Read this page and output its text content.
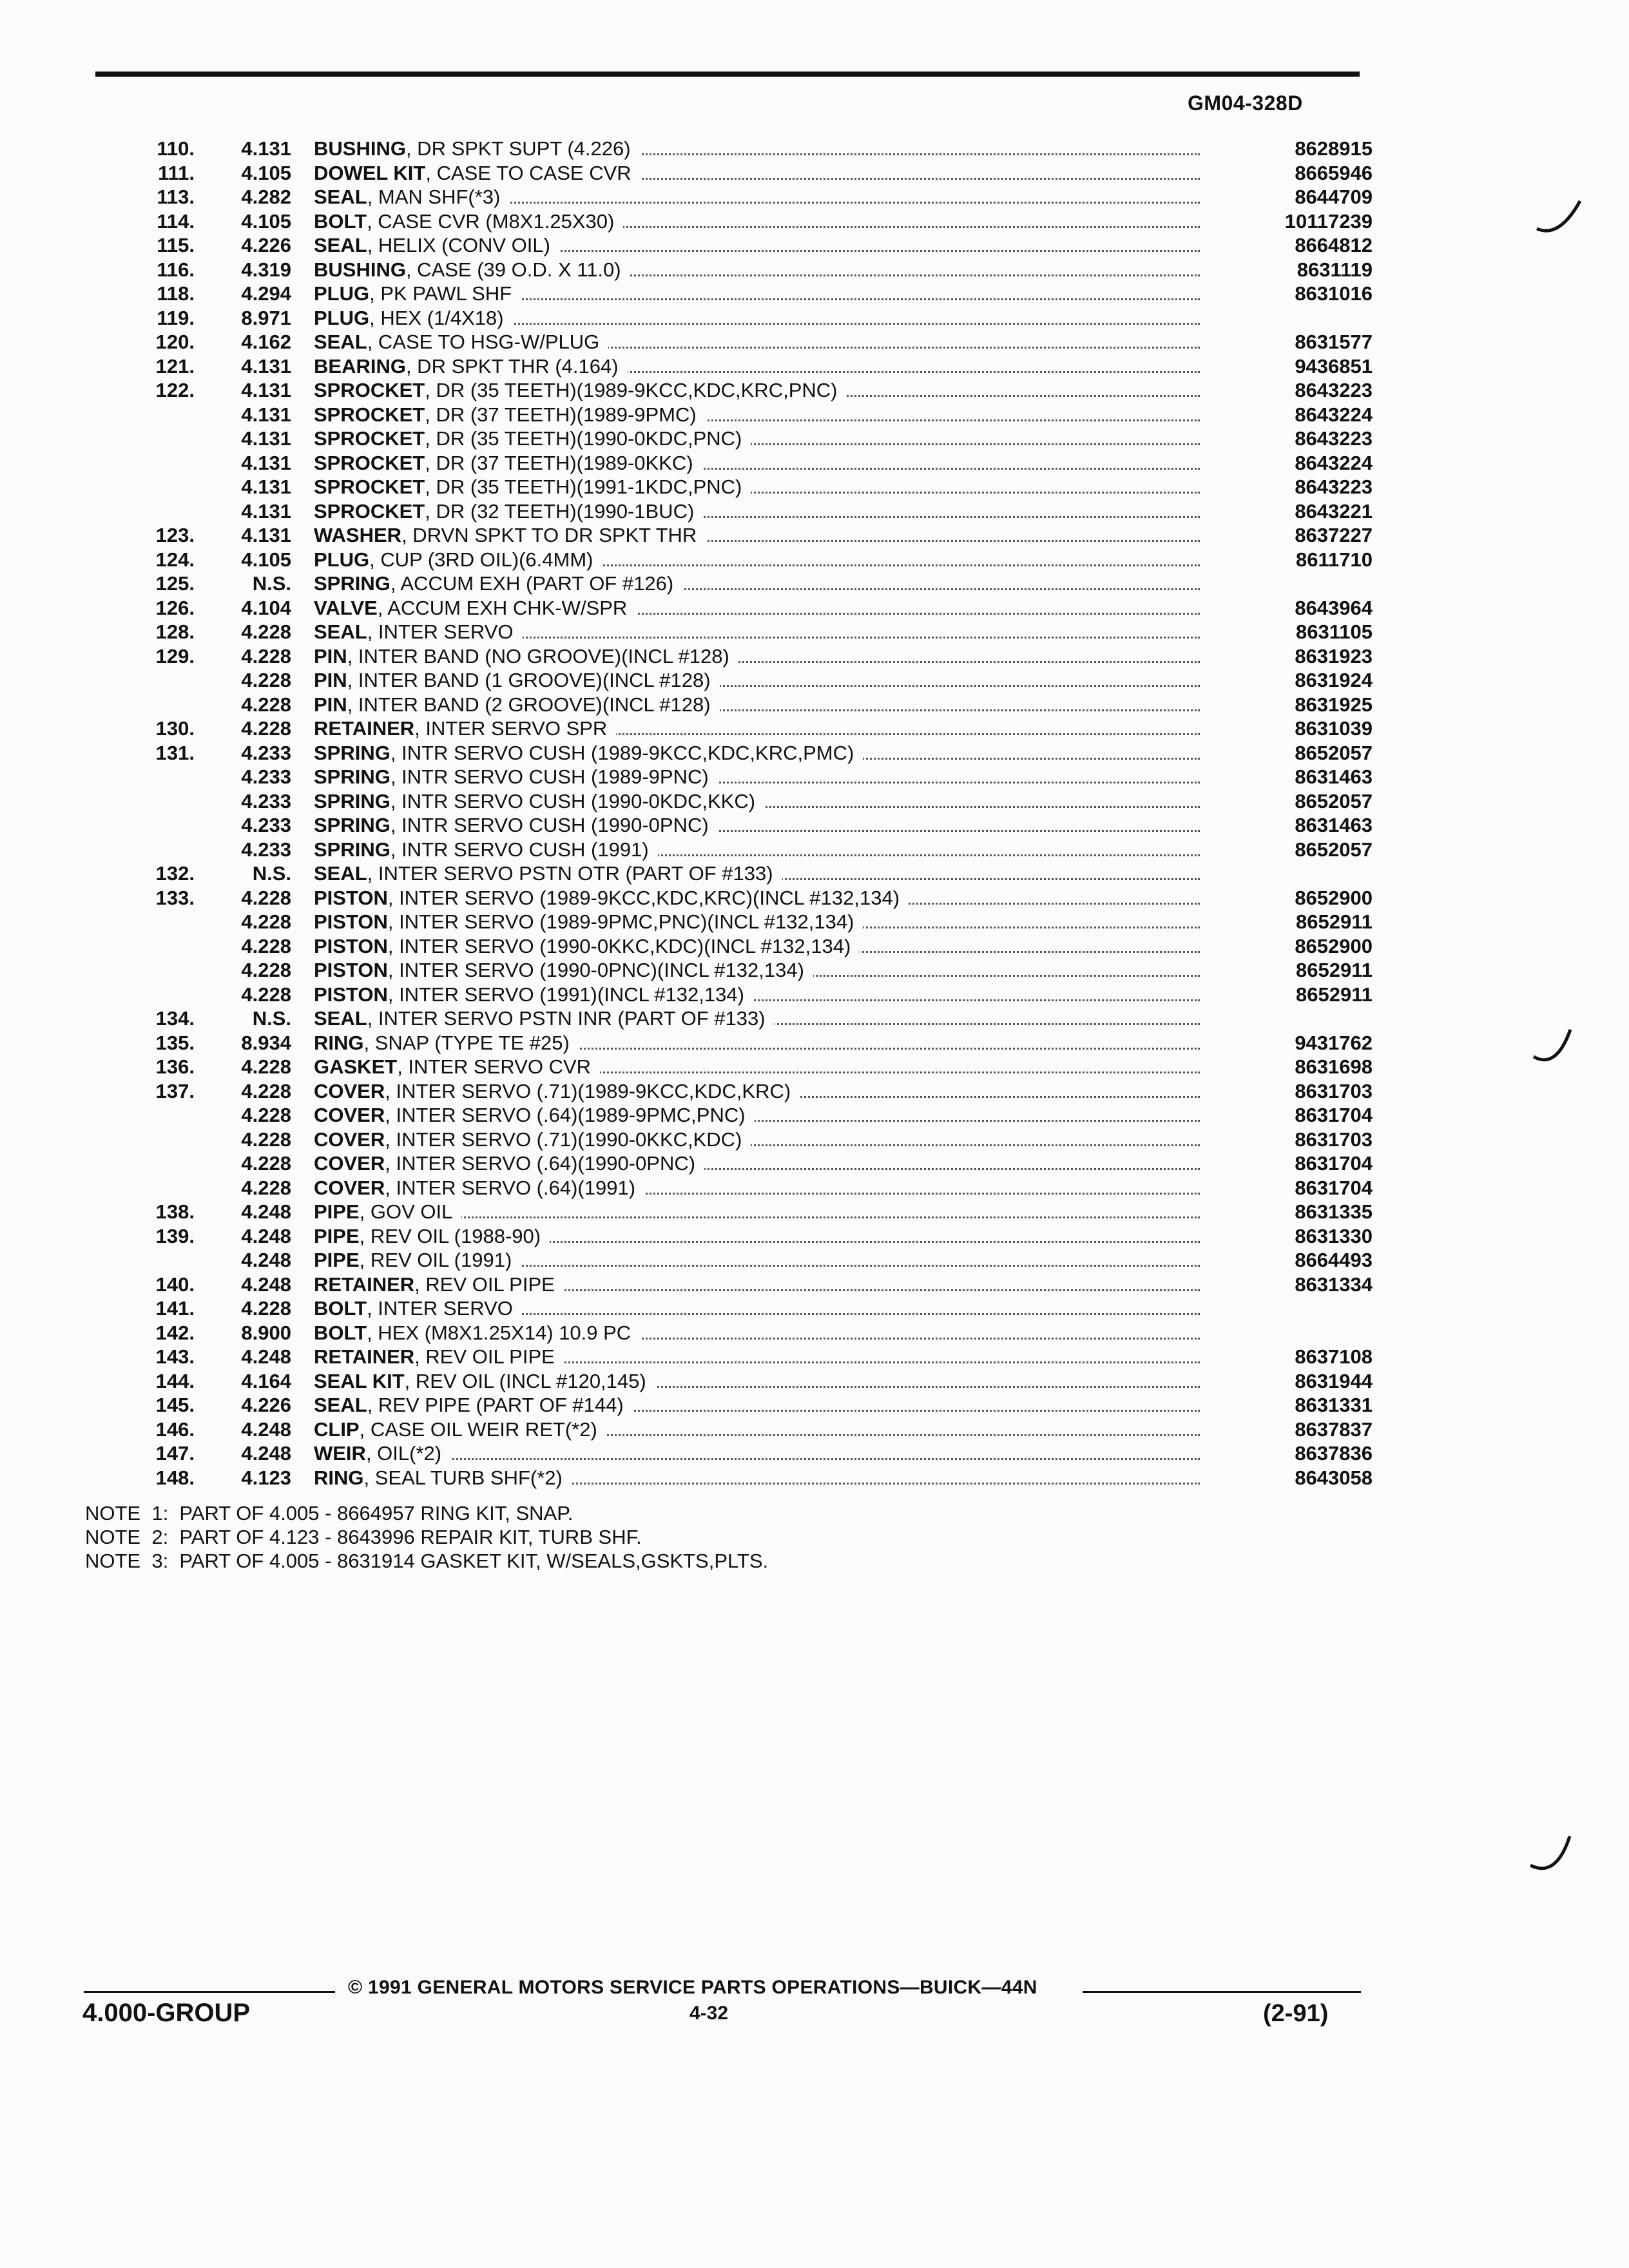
GM04-328D
110.	4.131 BUSHING, DR SPKT SUPT (4.226)	8628915
111.	4.105 DOWEL KIT, CASE TO CASE CVR	8665946
113.	4.282 SEAL, MAN SHF(*3)	8644709
114.	4.105 BOLT, CASE CVR (M8X1.25X30)	10117239
115.	4.226 SEAL, HELIX (CONV OIL)	8664812
116.	4.319 BUSHING, CASE (39 O.D. X 11.0)	8631119
118.	4.294 PLUG, PK PAWL SHF	8631016
119.	8.971 PLUG, HEX (1/4X18)
120.	4.162 SEAL, CASE TO HSG-W/PLUG	8631577
121.	4.131 BEARING, DR SPKT THR (4.164)	9436851
122.	4.131 SPROCKET, DR (35 TEETH)(1989-9KCC,KDC,KRC,PNC)	8643223
4.131 SPROCKET, DR (37 TEETH)(1989-9PMC)	8643224
4.131 SPROCKET, DR (35 TEETH)(1990-0KDC,PNC)	8643223
4.131 SPROCKET, DR (37 TEETH)(1989-0KKC)	8643224
4.131 SPROCKET, DR (35 TEETH)(1991-1KDC,PNC)	8643223
4.131 SPROCKET, DR (32 TEETH)(1990-1BUC)	8643221
123.	4.131 WASHER, DRVN SPKT TO DR SPKT THR	8637227
124.	4.105 PLUG, CUP (3RD OIL)(6.4MM)	8611710
125.	N.S. SPRING, ACCUM EXH (PART OF #126)
126.	4.104 VALVE, ACCUM EXH CHK-W/SPR	8643964
128.	4.228 SEAL, INTER SERVO	8631105
129.	4.228 PIN, INTER BAND (NO GROOVE)(INCL #128)	8631923
4.228 PIN, INTER BAND (1 GROOVE)(INCL #128)	8631924
4.228 PIN, INTER BAND (2 GROOVE)(INCL #128)	8631925
130.	4.228 RETAINER, INTER SERVO SPR	8631039
131.	4.233 SPRING, INTR SERVO CUSH (1989-9KCC,KDC,KRC,PMC)	8652057
4.233 SPRING, INTR SERVO CUSH (1989-9PNC)	8631463
4.233 SPRING, INTR SERVO CUSH (1990-0KDC,KKC)	8652057
4.233 SPRING, INTR SERVO CUSH (1990-0PNC)	8631463
4.233 SPRING, INTR SERVO CUSH (1991)	8652057
132.	N.S. SEAL, INTER SERVO PSTN OTR (PART OF #133)
133.	4.228 PISTON, INTER SERVO (1989-9KCC,KDC,KRC)(INCL #132,134)	8652900
4.228 PISTON, INTER SERVO (1989-9PMC,PNC)(INCL #132,134)	8652911
4.228 PISTON, INTER SERVO (1990-0KKC,KDC)(INCL #132,134)	8652900
4.228 PISTON, INTER SERVO (1990-0PNC)(INCL #132,134)	8652911
4.228 PISTON, INTER SERVO (1991)(INCL #132,134)	8652911
134.	N.S. SEAL, INTER SERVO PSTN INR (PART OF #133)
135.	8.934 RING, SNAP (TYPE TE #25)	9431762
136.	4.228 GASKET, INTER SERVO CVR	8631698
137.	4.228 COVER, INTER SERVO (.71)(1989-9KCC,KDC,KRC)	8631703
4.228 COVER, INTER SERVO (.64)(1989-9PMC,PNC)	8631704
4.228 COVER, INTER SERVO (.71)(1990-0KKC,KDC)	8631703
4.228 COVER, INTER SERVO (.64)(1990-0PNC)	8631704
4.228 COVER, INTER SERVO (.64)(1991)	8631704
138.	4.248 PIPE, GOV OIL	8631335
139.	4.248 PIPE, REV OIL (1988-90)	8631330
4.248 PIPE, REV OIL (1991)	8664493
140.	4.248 RETAINER, REV OIL PIPE	8631334
141.	4.228 BOLT, INTER SERVO
142.	8.900 BOLT, HEX (M8X1.25X14) 10.9 PC
143.	4.248 RETAINER, REV OIL PIPE	8637108
144.	4.164 SEAL KIT, REV OIL (INCL #120,145)	8631944
145.	4.226 SEAL, REV PIPE (PART OF #144)	8631331
146.	4.248 CLIP, CASE OIL WEIR RET(*2)	8637837
147.	4.248 WEIR, OIL(*2)	8637836
148.	4.123 RING, SEAL TURB SHF(*2)	8643058
NOTE  1:  PART OF 4.005 - 8664957 RING KIT, SNAP.
NOTE  2:  PART OF 4.123 - 8643996 REPAIR KIT, TURB SHF.
NOTE  3:  PART OF 4.005 - 8631914 GASKET KIT, W/SEALS,GSKTS,PLTS.
© 1991 GENERAL MOTORS SERVICE PARTS OPERATIONS—BUICK—44N
4.000-GROUP	4-32	(2-91)
